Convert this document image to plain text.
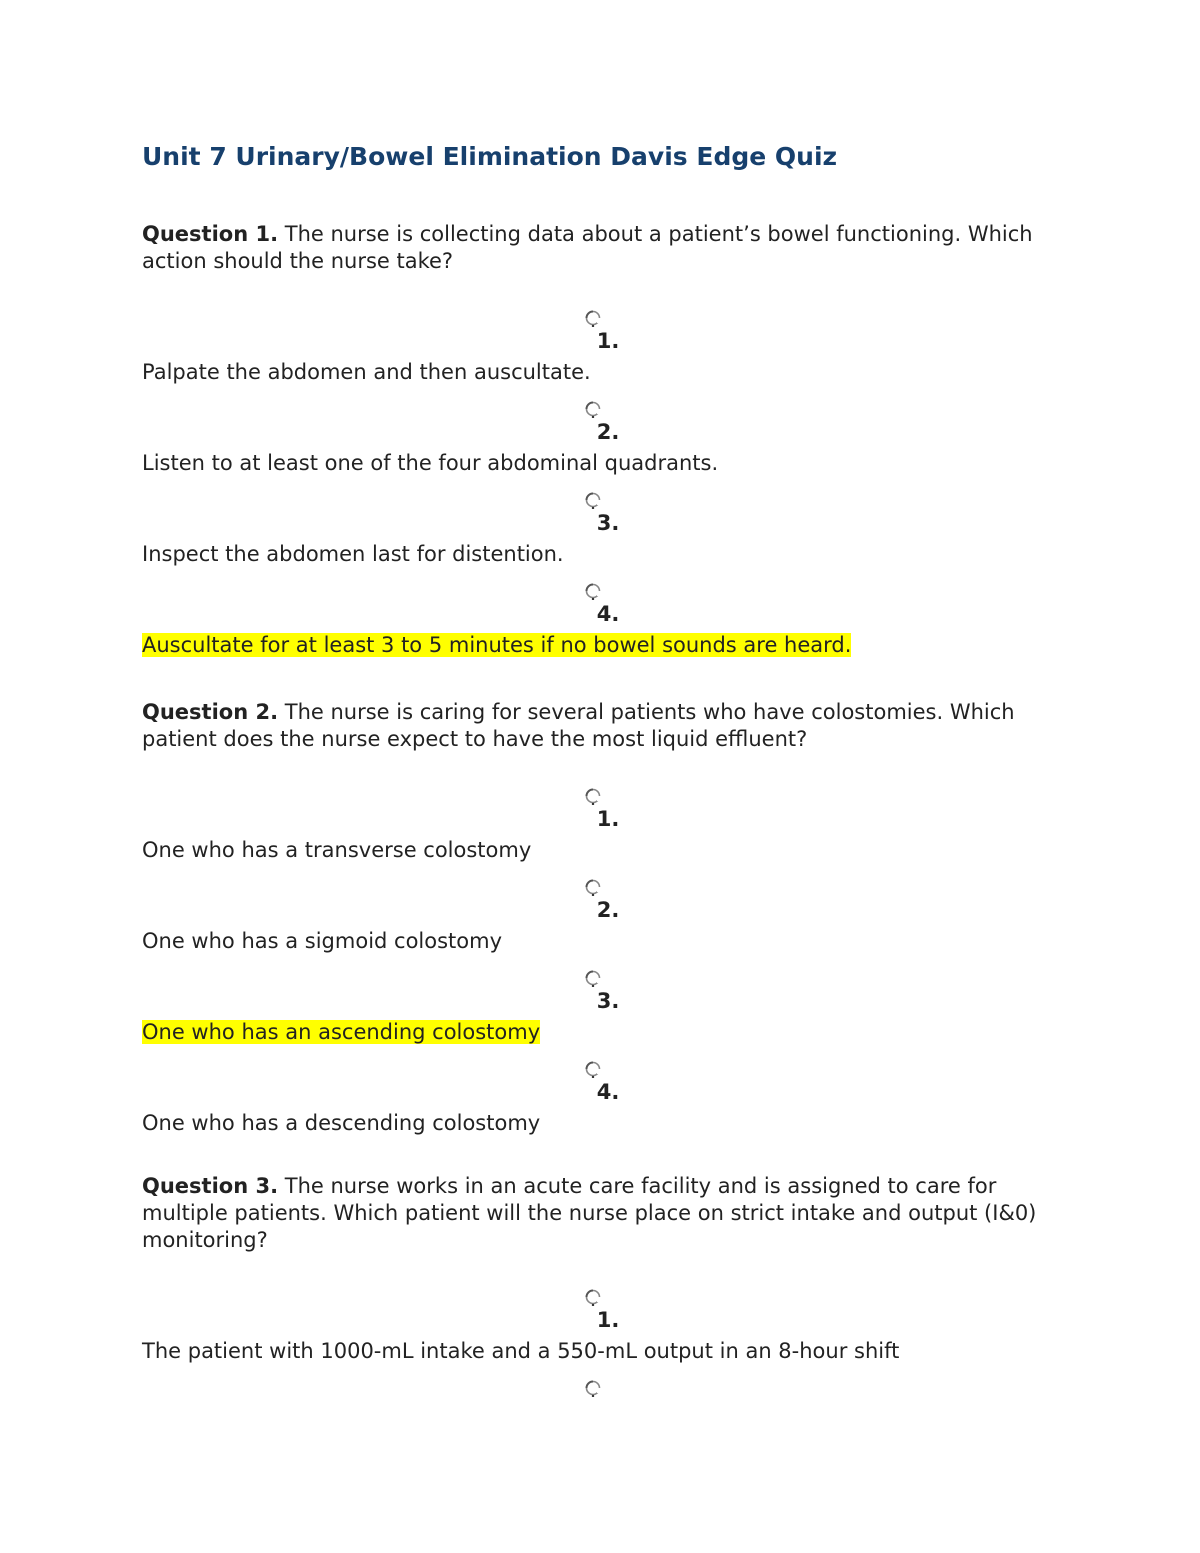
Unit 7 Urinary/Bowel Elimination Davis Edge Quiz
Question 1. The nurse is collecting data about a patient’s bowel functioning. Which action should the nurse take?
1.
Palpate the abdomen and then auscultate.
2.
Listen to at least one of the four abdominal quadrants.
3.
Inspect the abdomen last for distention.
4.
Auscultate for at least 3 to 5 minutes if no bowel sounds are heard.
Question 2. The nurse is caring for several patients who have colostomies. Which patient does the nurse expect to have the most liquid effluent?
1.
One who has a transverse colostomy
2.
One who has a sigmoid colostomy
3.
One who has an ascending colostomy
4.
One who has a descending colostomy
Question 3. The nurse works in an acute care facility and is assigned to care for multiple patients. Which patient will the nurse place on strict intake and output (I&0) monitoring?
1.
The patient with 1000-mL intake and a 550-mL output in an 8-hour shift
